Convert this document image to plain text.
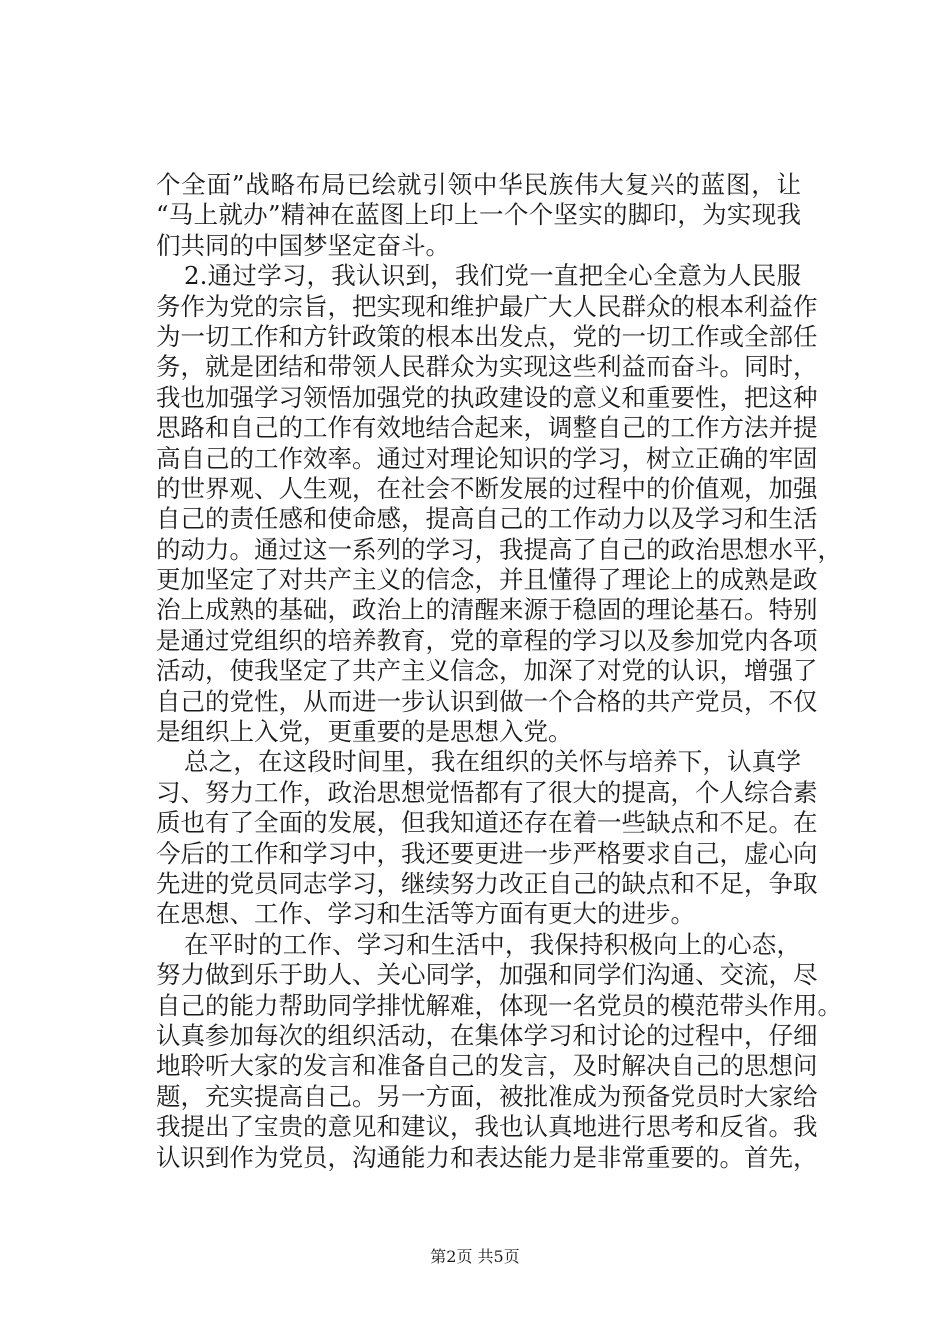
个全面”战略布局已绘就引领中华民族伟大复兴的蓝图，让
“马上就办”精神在蓝图上印上一个个坚实的脚印，为实现我
们共同的中国梦坚定奋斗。
2.通过学习，我认识到，我们党一直把全心全意为人民服
务作为党的宗旨，把实现和维护最广大人民群众的根本利益作
为一切工作和方针政策的根本出发点，党的一切工作或全部任
务，就是团结和带领人民群众为实现这些利益而奋斗。同时，
我也加强学习领悟加强党的执政建设的意义和重要性，把这种
思路和自己的工作有效地结合起来，调整自己的工作方法并提
高自己的工作效率。通过对理论知识的学习，树立正确的牢固
的世界观、人生观，在社会不断发展的过程中的价值观，加强
自己的责任感和使命感，提高自己的工作动力以及学习和生活
的动力。通过这一系列的学习，我提高了自己的政治思想水平，
更加坚定了对共产主义的信念，并且懂得了理论上的成熟是政
治上成熟的基础，政治上的清醒来源于稳固的理论基石。特别
是通过党组织的培养教育，党的章程的学习以及参加党内各项
活动，使我坚定了共产主义信念，加深了对党的认识，增强了
自己的党性，从而进一步认识到做一个合格的共产党员，不仅
是组织上入党，更重要的是思想入党。
总之，在这段时间里，我在组织的关怀与培养下，认真学
习、努力工作，政治思想觉悟都有了很大的提高，个人综合素
质也有了全面的发展，但我知道还存在着一些缺点和不足。在
今后的工作和学习中，我还要更进一步严格要求自己，虚心向
先进的党员同志学习，继续努力改正自己的缺点和不足，争取
在思想、工作、学习和生活等方面有更大的进步。
在平时的工作、学习和生活中，我保持积极向上的心态，
努力做到乐于助人、关心同学，加强和同学们沟通、交流，尽
自己的能力帮助同学排忧解难，体现一名党员的模范带头作用。
认真参加每次的组织活动，在集体学习和讨论的过程中，仔细
地聆听大家的发言和准备自己的发言，及时解决自己的思想问
题，充实提高自己。另一方面，被批准成为预备党员时大家给
我提出了宝贵的意见和建议，我也认真地进行思考和反省。我
认识到作为党员，沟通能力和表达能力是非常重要的。首先，
第2页 共5页
